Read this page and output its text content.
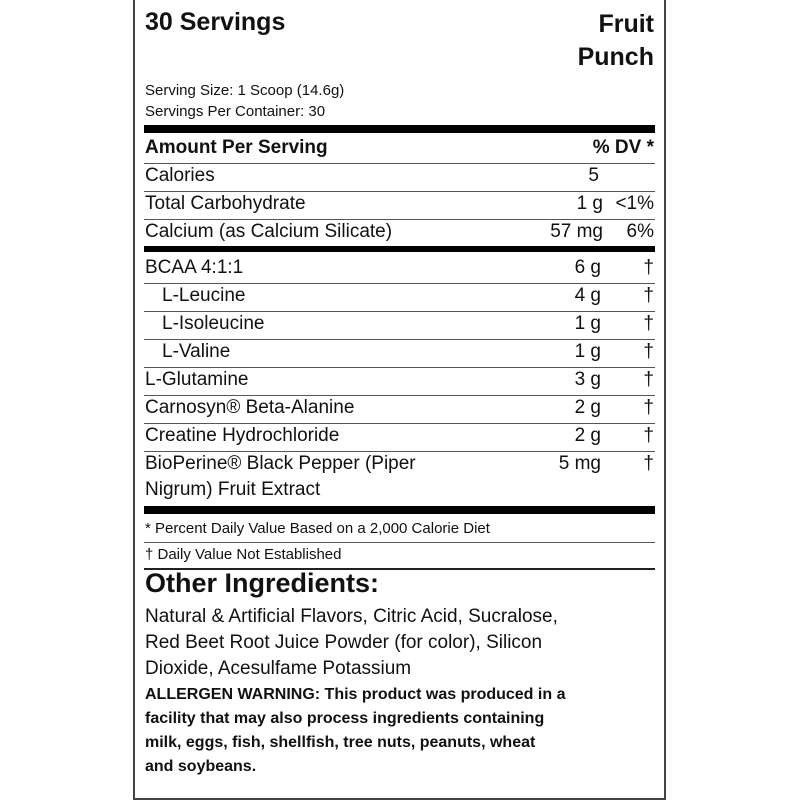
30 Servings	Fruit
Punch
Serving Size: 1 Scoop (14.6g)
Servings Per Container: 30
Amount Per Serving	% DV *
Calories	5
Total Carbohydrate	1 g <1%
Calcium (as Calcium Silicate)	57 mg 6%
BCAA 4:1:1	6 g †
L-Leucine	4 g †
L-Isoleucine	1 g †
L-Valine	1 g †
L-Glutamine	3 g †
Carnosyn® Beta-Alanine	2 g †
Creatine Hydrochloride	2 g †
BioPerine® Black Pepper (Piper	5 mg †
Nigrum) Fruit Extract
* Percent Daily Value Based on a 2,000 Calorie Diet
† Daily Value Not Established
Other Ingredients:
Natural & Artificial Flavors, Citric Acid, Sucralose,
Red Beet Root Juice Powder (for color), Silicon
Dioxide, Acesulfame Potassium
ALLERGEN WARNING: This product was produced in a
facility that may also process ingredients containing
milk, eggs, fish, shellfish, tree nuts, peanuts, wheat
and soybeans.
